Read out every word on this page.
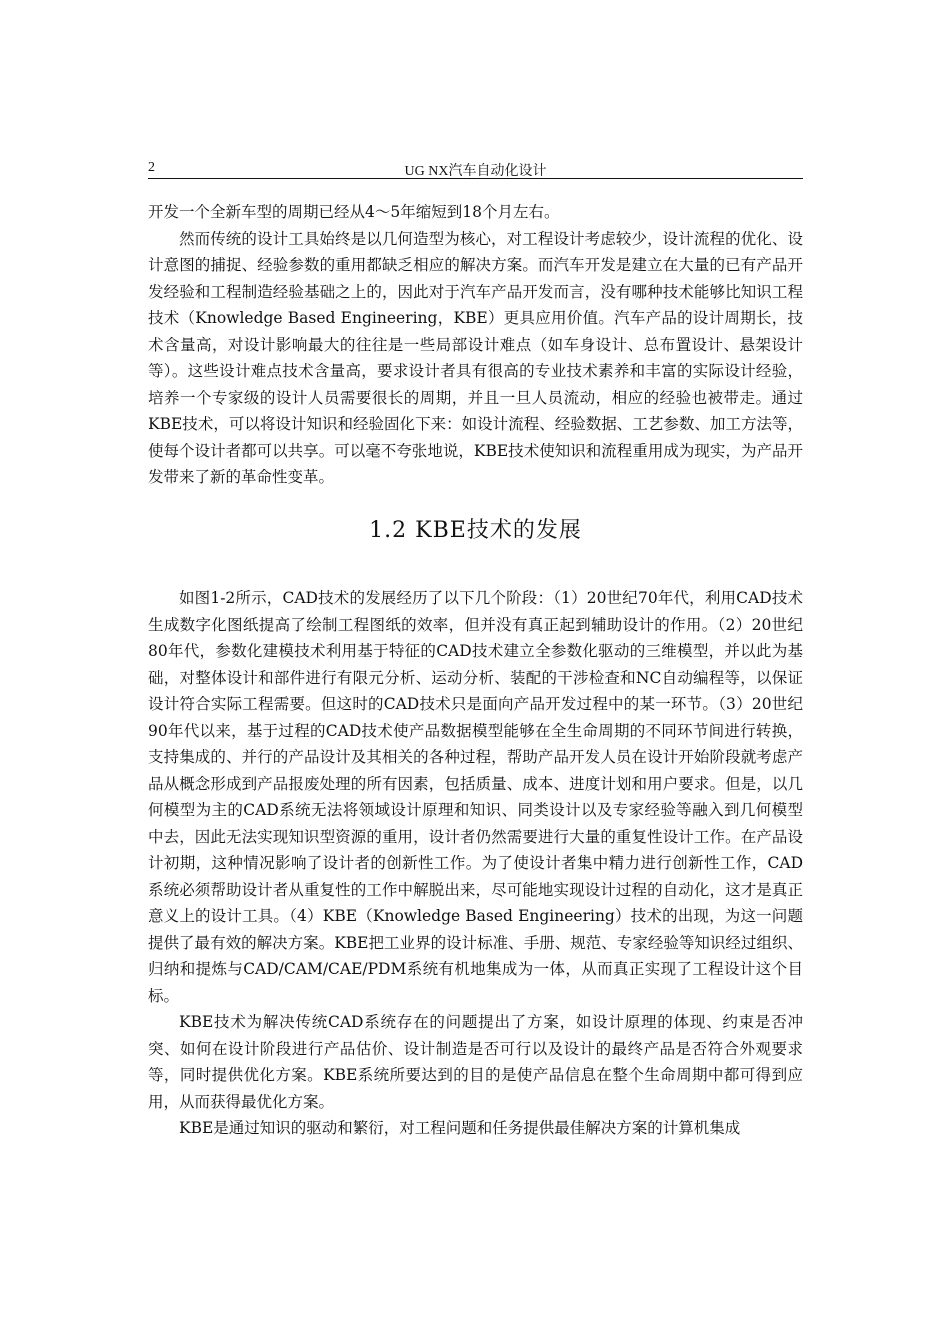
2	UG NX汽车自动化设计

开发一个全新车型的周期已经从4～5年缩短到18个月左右。

然而传统的设计工具始终是以几何造型为核心，对工程设计考虑较少，设计流程的优化、设计意图的捕捉、经验参数的重用都缺乏相应的解决方案。而汽车开发是建立在大量的已有产品开发经验和工程制造经验基础之上的，因此对于汽车产品开发而言，没有哪种技术能够比知识工程技术（Knowledge Based Engineering，KBE）更具应用价值。汽车产品的设计周期长，技术含量高，对设计影响最大的往往是一些局部设计难点（如车身设计、总布置设计、悬架设计等）。这些设计难点技术含量高，要求设计者具有很高的专业技术素养和丰富的实际设计经验，培养一个专家级的设计人员需要很长的周期，并且一旦人员流动，相应的经验也被带走。通过KBE技术，可以将设计知识和经验固化下来：如设计流程、经验数据、工艺参数、加工方法等，使每个设计者都可以共享。可以毫不夸张地说，KBE技术使知识和流程重用成为现实，为产品开发带来了新的革命性变革。

1.2 KBE技术的发展

如图1-2所示，CAD技术的发展经历了以下几个阶段：（1）20世纪70年代，利用CAD技术生成数字化图纸提高了绘制工程图纸的效率，但并没有真正起到辅助设计的作用。（2）20世纪80年代，参数化建模技术利用基于特征的CAD技术建立全参数化驱动的三维模型，并以此为基础，对整体设计和部件进行有限元分析、运动分析、装配的干涉检查和NC自动编程等，以保证设计符合实际工程需要。但这时的CAD技术只是面向产品开发过程中的某一环节。（3）20世纪90年代以来，基于过程的CAD技术使产品数据模型能够在全生命周期的不同环节间进行转换，支持集成的、并行的产品设计及其相关的各种过程，帮助产品开发人员在设计开始阶段就考虑产品从概念形成到产品报废处理的所有因素，包括质量、成本、进度计划和用户要求。但是，以几何模型为主的CAD系统无法将领域设计原理和知识、同类设计以及专家经验等融入到几何模型中去，因此无法实现知识型资源的重用，设计者仍然需要进行大量的重复性设计工作。在产品设计初期，这种情况影响了设计者的创新性工作。为了使设计者集中精力进行创新性工作，CAD系统必须帮助设计者从重复性的工作中解脱出来，尽可能地实现设计过程的自动化，这才是真正意义上的设计工具。（4）KBE（Knowledge Based Engineering）技术的出现，为这一问题提供了最有效的解决方案。KBE把工业界的设计标准、手册、规范、专家经验等知识经过组织、归纳和提炼与CAD/CAM/CAE/PDM系统有机地集成为一体，从而真正实现了工程设计这个目标。

KBE技术为解决传统CAD系统存在的问题提出了方案，如设计原理的体现、约束是否冲突、如何在设计阶段进行产品估价、设计制造是否可行以及设计的最终产品是否符合外观要求等，同时提供优化方案。KBE系统所要达到的目的是使产品信息在整个生命周期中都可得到应用，从而获得最优化方案。

KBE是通过知识的驱动和繁衍，对工程问题和任务提供最佳解决方案的计算机集成
